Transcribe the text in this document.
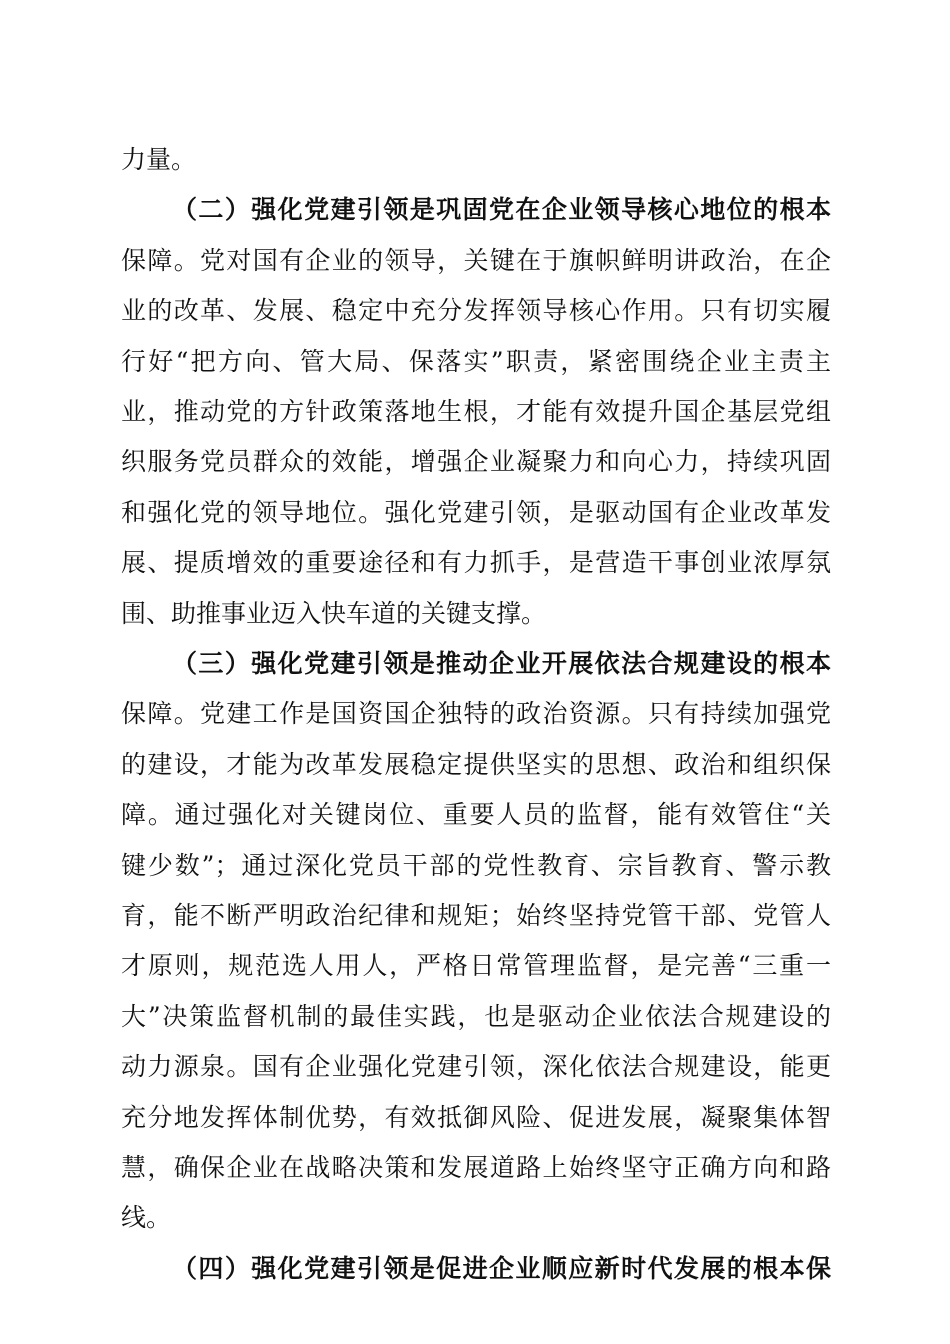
力量。
（二）强化党建引领是巩固党在企业领导核心地位的根本
保障。党对国有企业的领导，关键在于旗帜鲜明讲政治，在企
业的改革、发展、稳定中充分发挥领导核心作用。只有切实履
行好“把方向、管大局、保落实”职责，紧密围绕企业主责主
业，推动党的方针政策落地生根，才能有效提升国企基层党组
织服务党员群众的效能，增强企业凝聚力和向心力，持续巩固
和强化党的领导地位。强化党建引领，是驱动国有企业改革发
展、提质增效的重要途径和有力抓手，是营造干事创业浓厚氛
围、助推事业迈入快车道的关键支撑。
（三）强化党建引领是推动企业开展依法合规建设的根本
保障。党建工作是国资国企独特的政治资源。只有持续加强党
的建设，才能为改革发展稳定提供坚实的思想、政治和组织保
障。通过强化对关键岗位、重要人员的监督，能有效管住“关
键少数”；通过深化党员干部的党性教育、宗旨教育、警示教
育，能不断严明政治纪律和规矩；始终坚持党管干部、党管人
才原则，规范选人用人，严格日常管理监督，是完善“三重一
大”决策监督机制的最佳实践，也是驱动企业依法合规建设的
动力源泉。国有企业强化党建引领，深化依法合规建设，能更
充分地发挥体制优势，有效抵御风险、促进发展，凝聚集体智
慧，确保企业在战略决策和发展道路上始终坚守正确方向和路
线。
（四）强化党建引领是促进企业顺应新时代发展的根本保
